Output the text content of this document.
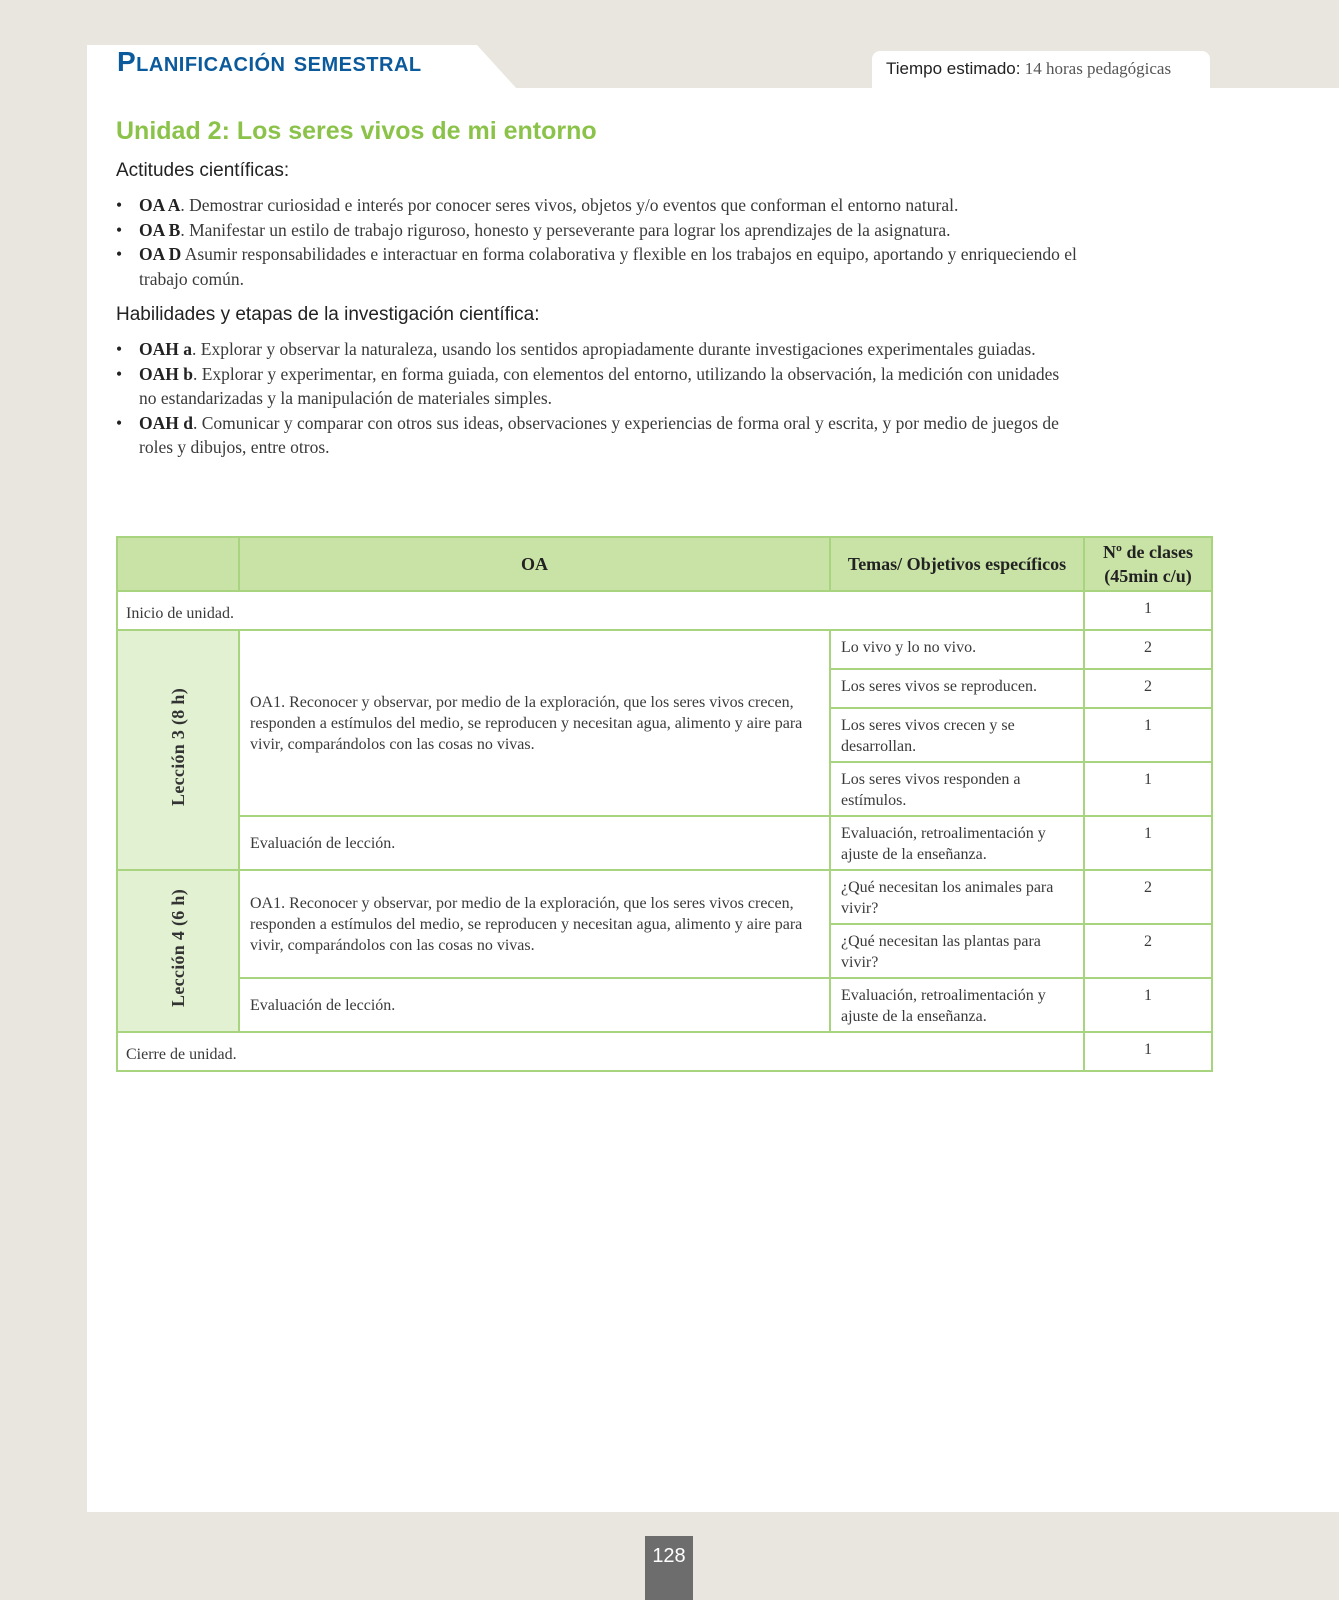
Planificación semestral	Tiempo estimado: 14 horas pedagógicas
Unidad 2: Los seres vivos de mi entorno
Actitudes científicas:
• OA A. Demostrar curiosidad e interés por conocer seres vivos, objetos y/o eventos que conforman el entorno natural.
• OA B. Manifestar un estilo de trabajo riguroso, honesto y perseverante para lograr los aprendizajes de la asignatura.
• OA D Asumir responsabilidades e interactuar en forma colaborativa y flexible en los trabajos en equipo, aportando y enriqueciendo el trabajo común.
Habilidades y etapas de la investigación científica:
• OAH a. Explorar y observar la naturaleza, usando los sentidos apropiadamente durante investigaciones experimentales guiadas.
• OAH b. Explorar y experimentar, en forma guiada, con elementos del entorno, utilizando la observación, la medición con unidades no estandarizadas y la manipulación de materiales simples.
• OAH d. Comunicar y comparar con otros sus ideas, observaciones y experiencias de forma oral y escrita, y por medio de juegos de roles y dibujos, entre otros.
	OA	Temas/ Objetivos específicos	Nº de clases (45min c/u)
Inicio de unidad.			1
Lección 3 (8 h)	OA1. Reconocer y observar, por medio de la exploración, que los seres vivos crecen, responden a estímulos del medio, se reproducen y necesitan agua, alimento y aire para vivir, comparándolos con las cosas no vivas.	Lo vivo y lo no vivo.	2
		Los seres vivos se reproducen.	2
		Los seres vivos crecen y se desarrollan.	1
		Los seres vivos responden a estímulos.	1
	Evaluación de lección.	Evaluación, retroalimentación y ajuste de la enseñanza.	1
Lección 4 (6 h)	OA1. Reconocer y observar, por medio de la exploración, que los seres vivos crecen, responden a estímulos del medio, se reproducen y necesitan agua, alimento y aire para vivir, comparándolos con las cosas no vivas.	¿Qué necesitan los animales para vivir?	2
		¿Qué necesitan las plantas para vivir?	2
	Evaluación de lección.	Evaluación, retroalimentación y ajuste de la enseñanza.	1
Cierre de unidad.			1
128
